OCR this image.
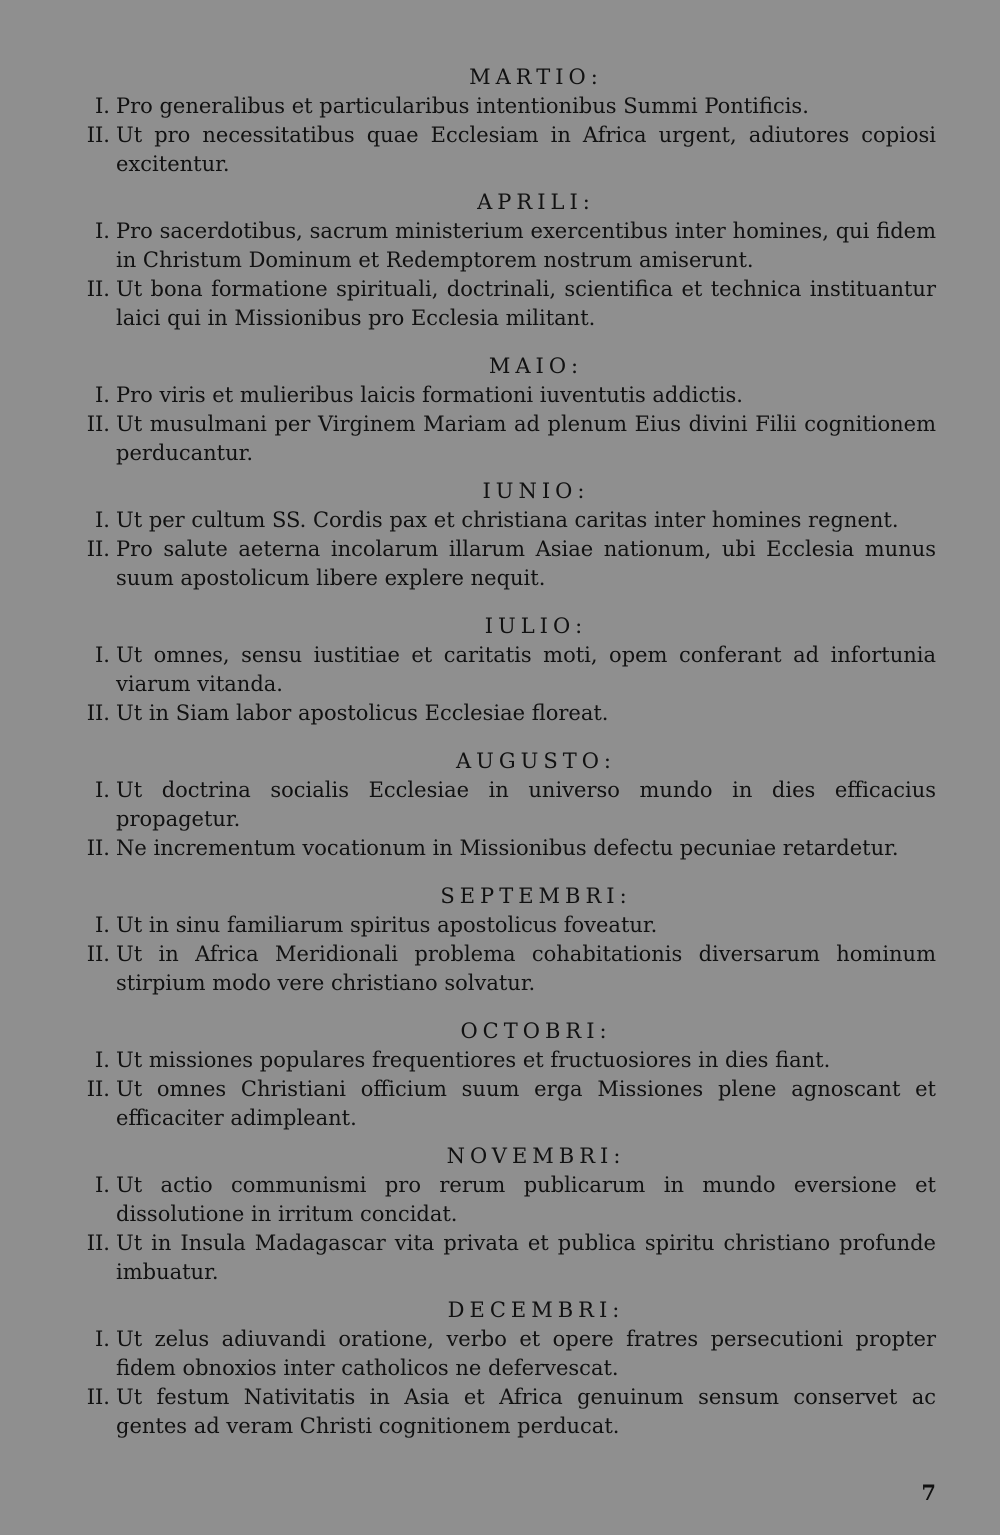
MARTIO:
I. Pro generalibus et particularibus intentionibus Summi Pontificis.
II. Ut pro necessitatibus quae Ecclesiam in Africa urgent, adiutores copiosi excitentur.
APRILI:
I. Pro sacerdotibus, sacrum ministerium exercentibus inter homines, qui fidem in Christum Dominum et Redemptorem nostrum amiserunt.
II. Ut bona formatione spirituali, doctrinali, scientifica et technica instituantur laici qui in Missionibus pro Ecclesia militant.
MAIO:
I. Pro viris et mulieribus laicis formationi iuventutis addictis.
II. Ut musulmani per Virginem Mariam ad plenum Eius divini Filii cognitionem perducantur.
IUNIO:
I. Ut per cultum SS. Cordis pax et christiana caritas inter homines regnent.
II. Pro salute aeterna incolarum illarum Asiae nationum, ubi Ecclesia munus suum apostolicum libere explere nequit.
IULIO:
I. Ut omnes, sensu iustitiae et caritatis moti, opem conferant ad infortunia viarum vitanda.
II. Ut in Siam labor apostolicus Ecclesiae floreat.
AUGUSTO:
I. Ut doctrina socialis Ecclesiae in universo mundo in dies efficacius propagetur.
II. Ne incrementum vocationum in Missionibus defectu pecuniae retardetur.
SEPTEMBRI:
I. Ut in sinu familiarum spiritus apostolicus foveatur.
II. Ut in Africa Meridionali problema cohabitationis diversarum hominum stirpium modo vere christiano solvatur.
OCTOBRI:
I. Ut missiones populares frequentiores et fructuosiores in dies fiant.
II. Ut omnes Christiani officium suum erga Missiones plene agnoscant et efficaciter adimpleant.
NOVEMBRI:
I. Ut actio communismi pro rerum publicarum in mundo eversione et dissolutione in irritum concidat.
II. Ut in Insula Madagascar vita privata et publica spiritu christiano profunde imbuatur.
DECEMBRI:
I. Ut zelus adiuvandi oratione, verbo et opere fratres persecutioni propter fidem obnoxios inter catholicos ne defervescat.
II. Ut festum Nativitatis in Asia et Africa genuinum sensum conservet ac gentes ad veram Christi cognitionem perducat.
7
